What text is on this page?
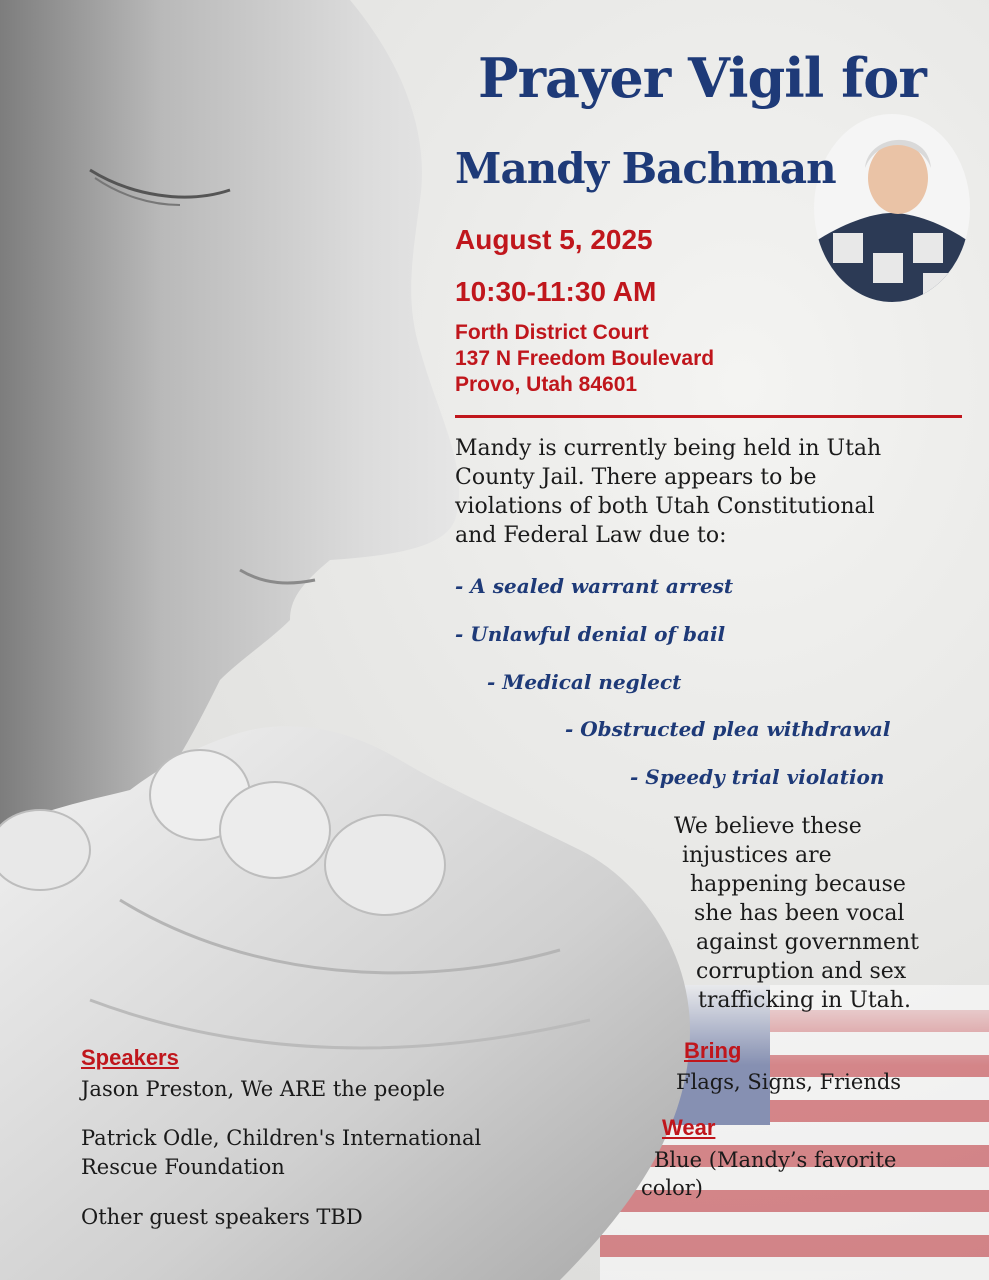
Prayer Vigil for
Mandy Bachman
August 5, 2025
10:30-11:30 AM
Forth District Court
137 N Freedom Boulevard
Provo, Utah 84601
Mandy is currently being held in Utah
County Jail. There appears to be
violations of both Utah Constitutional
and Federal Law due to:
- A sealed warrant arrest
- Unlawful denial of bail
- Medical neglect
- Obstructed plea withdrawal
- Speedy trial violation
We believe these
injustices are
happening because
she has been vocal
against government
corruption and sex
trafficking in Utah.
Bring
Flags, Signs, Friends
Wear
Blue (Mandy’s favorite
color)
Speakers
Jason Preston, We ARE the people
Patrick Odle, Children's International
Rescue Foundation
Other guest speakers TBD
